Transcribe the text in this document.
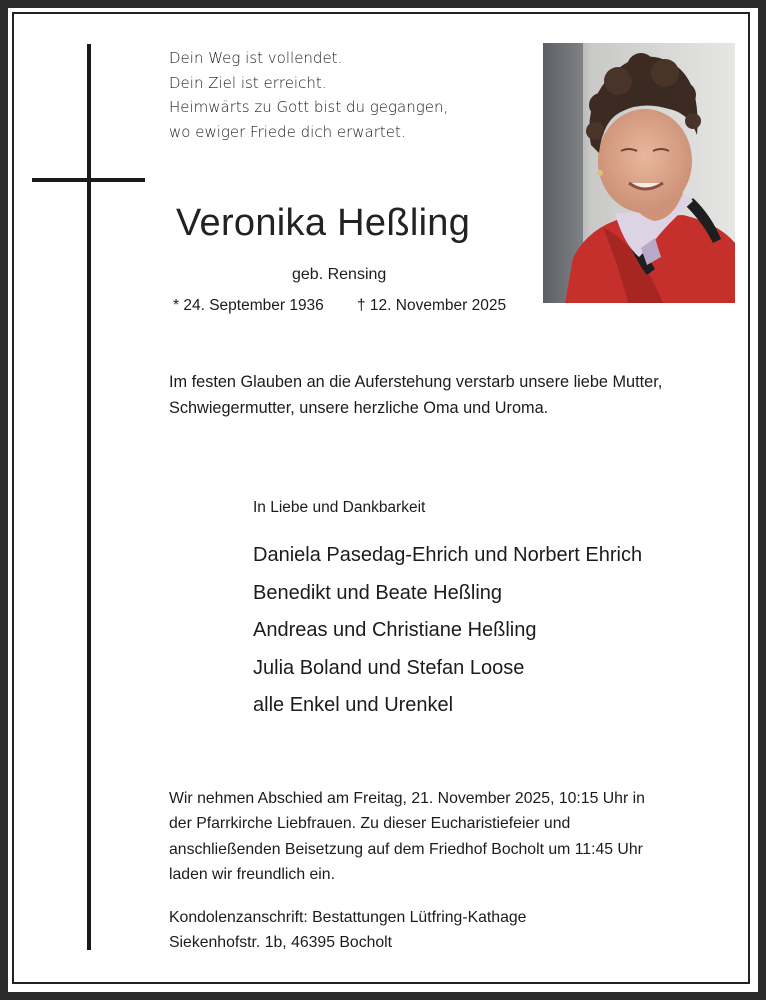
Dein Weg ist vollendet.
Dein Ziel ist erreicht.
Heimwärts zu Gott bist du gegangen,
wo ewiger Friede dich erwartet.
Veronika Heßling
geb. Rensing
* 24. September 1936 † 12. November 2025
Im festen Glauben an die Auferstehung verstarb unsere liebe Mutter,
Schwiegermutter, unsere herzliche Oma und Uroma.
In Liebe und Dankbarkeit
Daniela Pasedag-Ehrich und Norbert Ehrich
Benedikt und Beate Heßling
Andreas und Christiane Heßling
Julia Boland und Stefan Loose
alle Enkel und Urenkel
Wir nehmen Abschied am Freitag, 21. November 2025, 10:15 Uhr in
der Pfarrkirche Liebfrauen. Zu dieser Eucharistiefeier und
anschließenden Beisetzung auf dem Friedhof Bocholt um 11:45 Uhr
laden wir freundlich ein.
Kondolenzanschrift: Bestattungen Lütfring-Kathage
Siekenhofstr. 1b, 46395 Bocholt
